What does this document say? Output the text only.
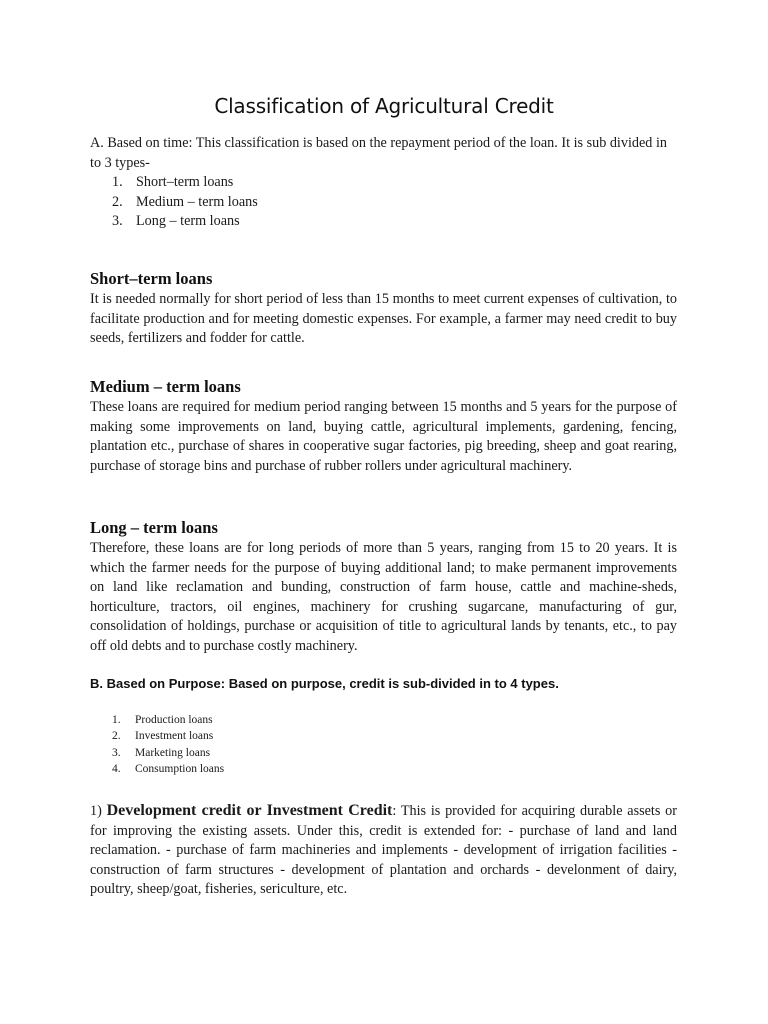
Classification of Agricultural Credit

A. Based on time: This classification is based on the repayment period of the loan. It is sub divided in to 3 types-

1. Short–term loans
2. Medium – term loans
3. Long – term loans
Short–term loans

It is needed normally for short period of less than 15 months to meet current expenses of cultivation, to facilitate production and for meeting domestic expenses. For example, a farmer may need credit to buy seeds, fertilizers and fodder for cattle.

Medium – term loans

These loans are required for medium period ranging between 15 months and 5 years for the purpose of making some improvements on land, buying cattle, agricultural implements, gardening, fencing, plantation etc., purchase of shares in cooperative sugar factories, pig breeding, sheep and goat rearing, purchase of storage bins and purchase of rubber rollers under agricultural machinery.

Long – term loans

Therefore, these loans are for long periods of more than 5 years, ranging from 15 to 20 years. It is which the farmer needs for the purpose of buying additional land; to make permanent improvements on land like reclamation and bunding, construction of farm house, cattle and machine-sheds, horticulture, tractors, oil engines, machinery for crushing sugarcane, manufacturing of gur, consolidation of holdings, purchase or acquisition of title to agricultural lands by tenants, etc., to pay off old debts and to purchase costly machinery.

B. Based on Purpose: Based on purpose, credit is sub-divided in to 4 types.
1. Production loans
2. Investment loans
3. Marketing loans
4. Consumption loans

1) Development credit or Investment Credit: This is provided for acquiring durable assets or for improving the existing assets. Under this, credit is extended for: - purchase of land and land reclamation. - purchase of farm machineries and implements - development of irrigation facilities - construction of farm structures - development of plantation and orchards - develonment of dairy, poultry, sheep/goat, fisheries, sericulture, etc.
